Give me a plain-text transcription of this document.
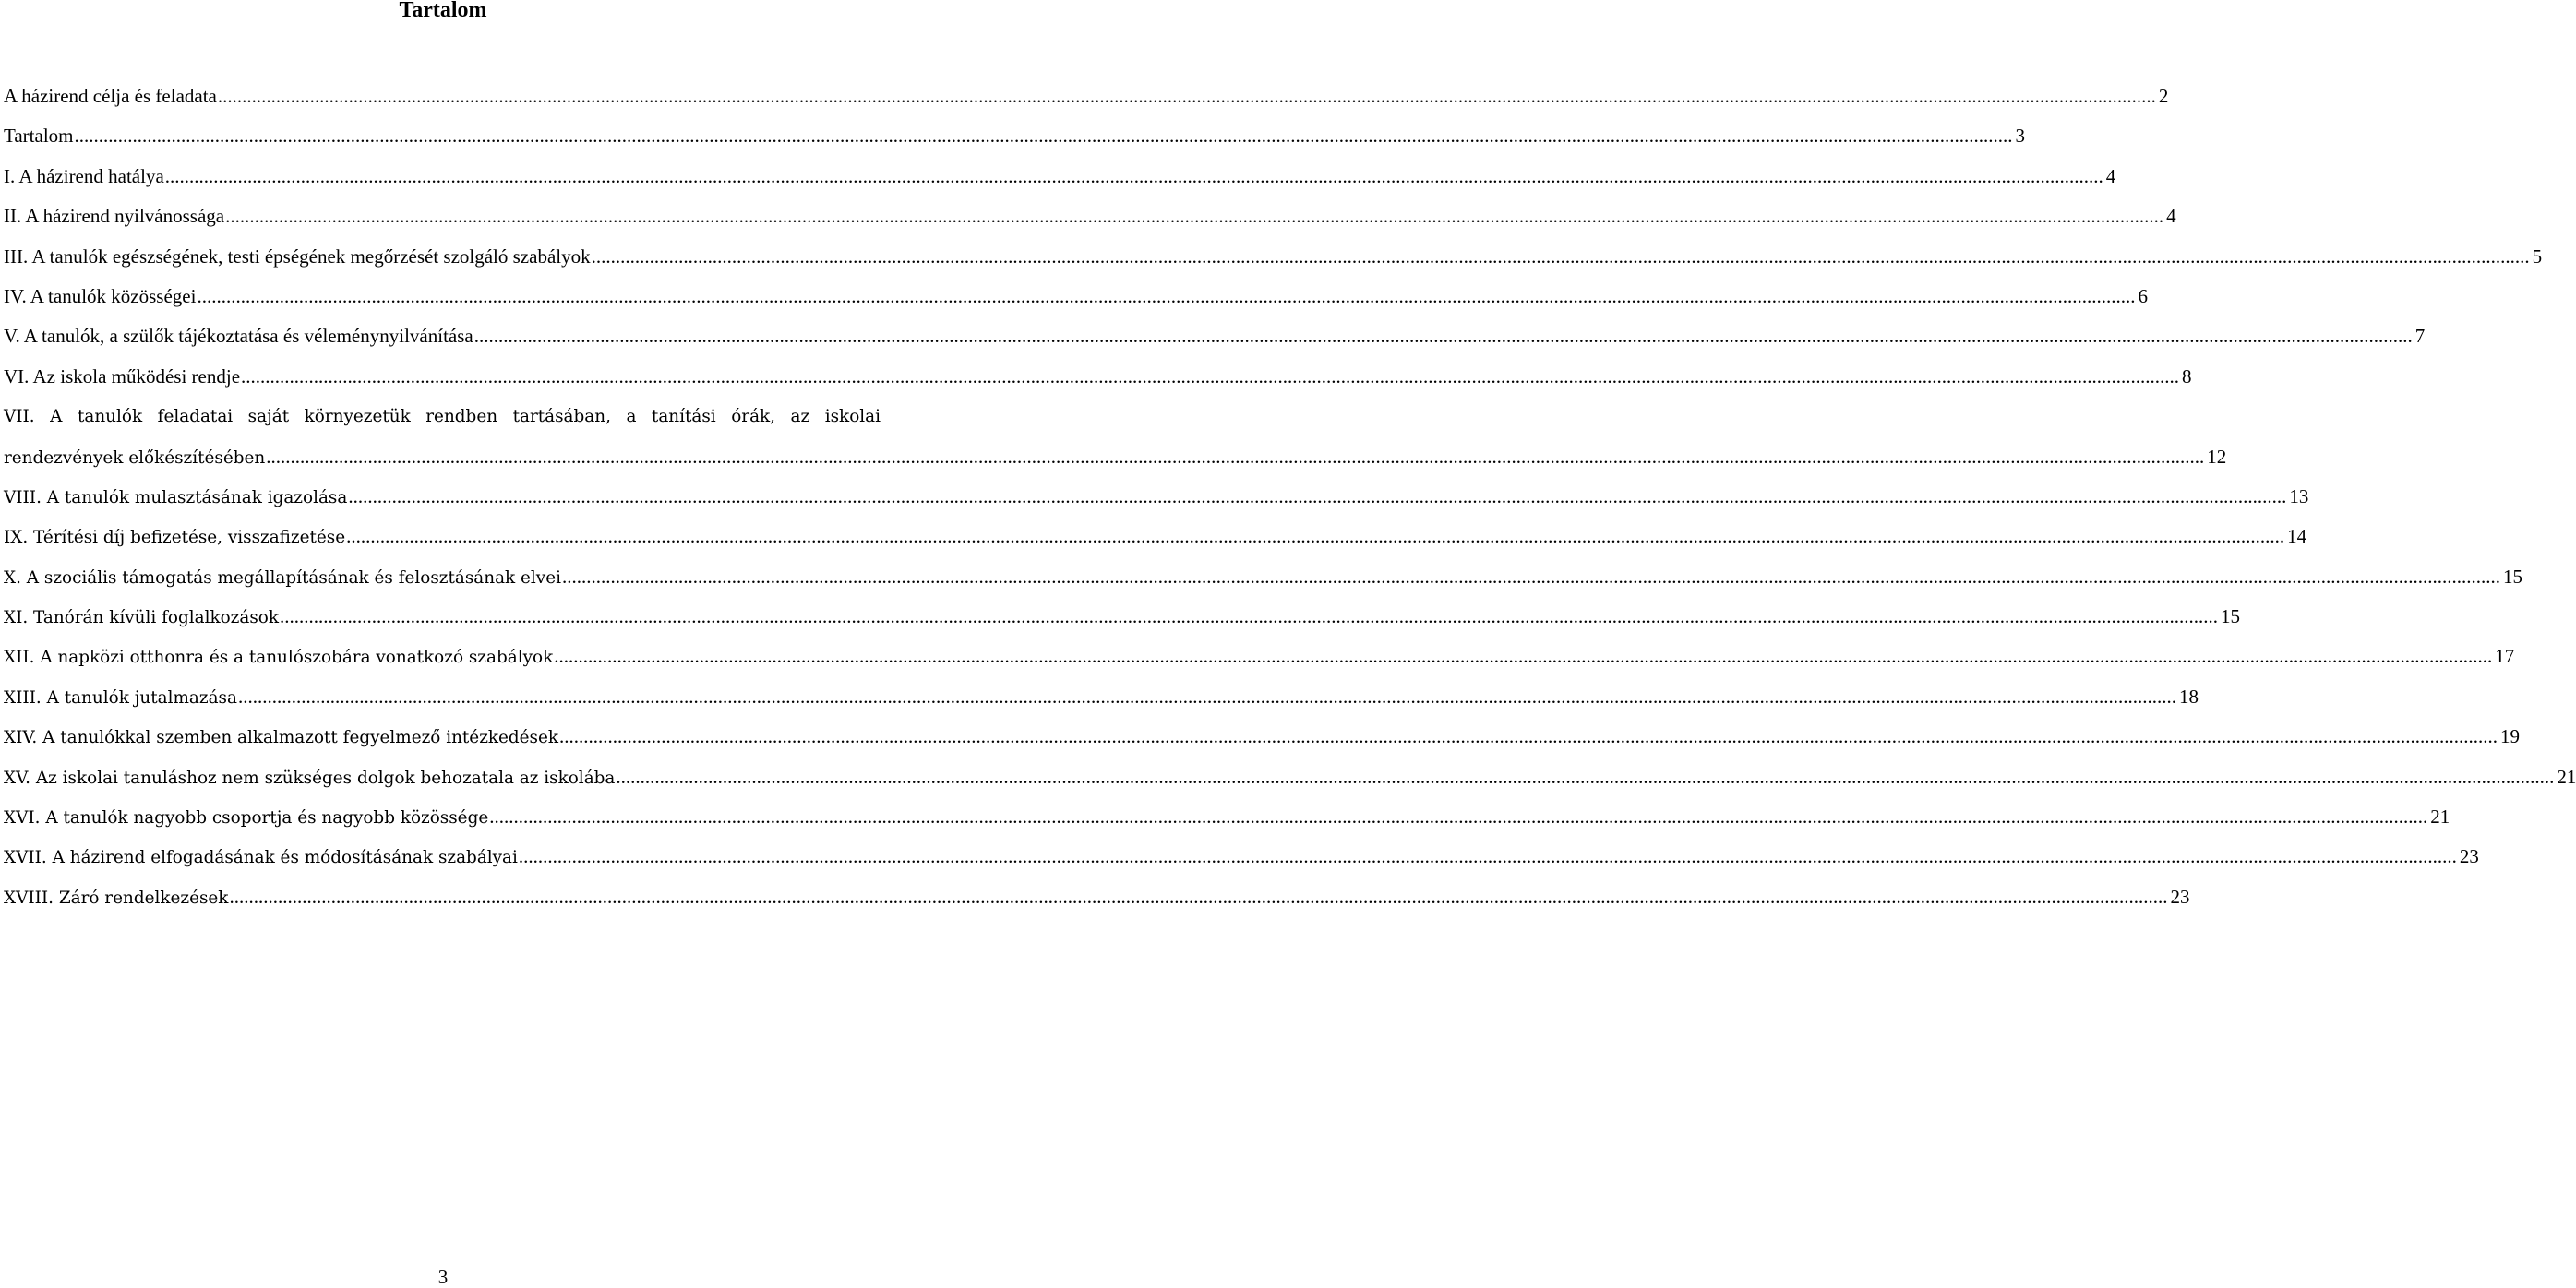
Tartalom
A házirend célja és feladata ................................................................................................................................................................................................................................................................................................................................................................................................................ 2
Tartalom ................................................................................................................................................................................................................................................................................................................................................................................................................ 3
I. A házirend hatálya ................................................................................................................................................................................................................................................................................................................................................................................................................ 4
II. A házirend nyilvánossága ................................................................................................................................................................................................................................................................................................................................................................................................................ 4
III. A tanulók egészségének, testi épségének megőrzését szolgáló szabályok ................................................................................................................................................................................................................................................................................................................................................................................................................ 5
IV. A tanulók közösségei ................................................................................................................................................................................................................................................................................................................................................................................................................ 6
V. A tanulók, a szülők tájékoztatása és véleménynyilvánítása ................................................................................................................................................................................................................................................................................................................................................................................................................ 7
VI. Az iskola működési rendje ................................................................................................................................................................................................................................................................................................................................................................................................................ 8
VII. A tanulók feladatai saját környezetük rendben tartásában, a tanítási órák, az iskolai
rendezvények előkészítésében ................................................................................................................................................................................................................................................................................................................................................................................................................ 12
VIII. A tanulók mulasztásának igazolása ................................................................................................................................................................................................................................................................................................................................................................................................................ 13
IX. Térítési díj befizetése, visszafizetése ................................................................................................................................................................................................................................................................................................................................................................................................................ 14
X. A szociális támogatás megállapításának és felosztásának elvei ................................................................................................................................................................................................................................................................................................................................................................................................................ 15
XI. Tanórán kívüli foglalkozások ................................................................................................................................................................................................................................................................................................................................................................................................................ 15
XII. A napközi otthonra és a tanulószobára vonatkozó szabályok ................................................................................................................................................................................................................................................................................................................................................................................................................ 17
XIII. A tanulók jutalmazása ................................................................................................................................................................................................................................................................................................................................................................................................................ 18
XIV. A tanulókkal szemben alkalmazott fegyelmező intézkedések ................................................................................................................................................................................................................................................................................................................................................................................................................ 19
XV. Az iskolai tanuláshoz nem szükséges dolgok behozatala az iskolába ................................................................................................................................................................................................................................................................................................................................................................................................................ 21
XVI. A tanulók nagyobb csoportja és nagyobb közössége ................................................................................................................................................................................................................................................................................................................................................................................................................ 21
XVII. A házirend elfogadásának és módosításának szabályai ................................................................................................................................................................................................................................................................................................................................................................................................................ 23
XVIII. Záró rendelkezések ................................................................................................................................................................................................................................................................................................................................................................................................................ 23
3
